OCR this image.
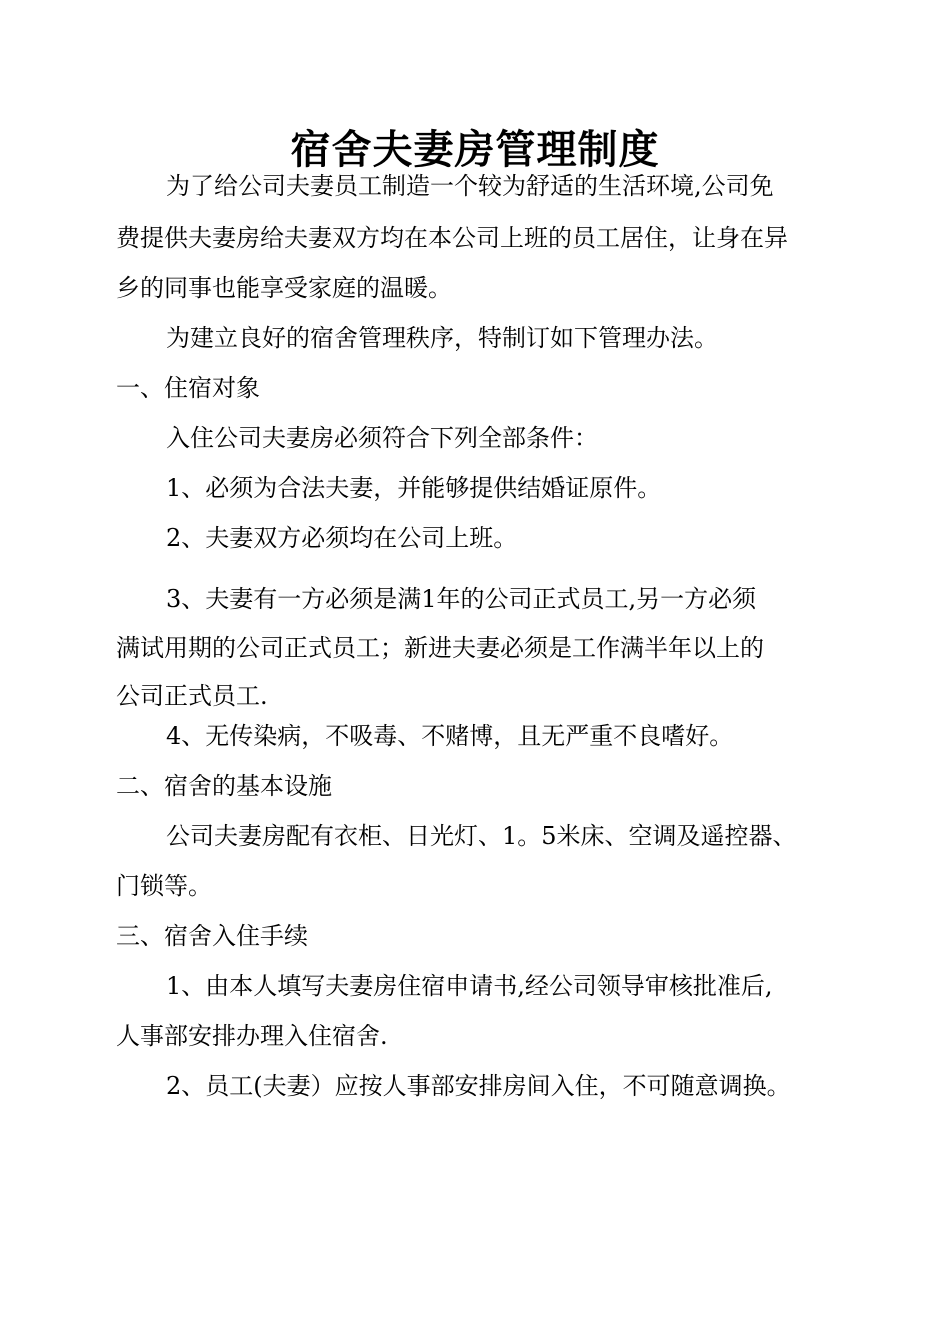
宿舍夫妻房管理制度
为了给公司夫妻员工制造一个较为舒适的生活环境,公司免
费提供夫妻房给夫妻双方均在本公司上班的员工居住，让身在异
乡的同事也能享受家庭的温暖。
为建立良好的宿舍管理秩序，特制订如下管理办法。
一、住宿对象
入住公司夫妻房必须符合下列全部条件：
1、必须为合法夫妻，并能够提供结婚证原件。
2、夫妻双方必须均在公司上班。
3、夫妻有一方必须是满1年的公司正式员工,另一方必须
满试用期的公司正式员工；新进夫妻必须是工作满半年以上的
公司正式员工.
4、无传染病，不吸毒、不赌博，且无严重不良嗜好。
二、宿舍的基本设施
公司夫妻房配有衣柜、日光灯、1。5米床、空调及遥控器、
门锁等。
三、宿舍入住手续
1、由本人填写夫妻房住宿申请书,经公司领导审核批准后,
人事部安排办理入住宿舍.
2、员工(夫妻）应按人事部安排房间入住，不可随意调换。
